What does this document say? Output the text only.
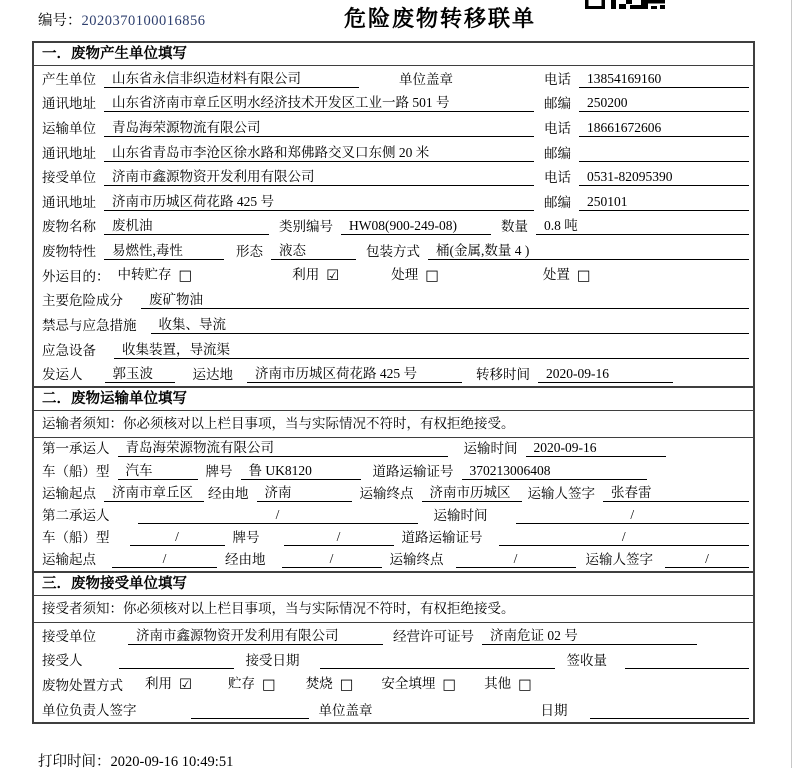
编号：2020370100016856	危险废物转移联单
一．废物产生单位填写
产生单位	山东省永信非织造材料有限公司	单位盖章	电话	13854169160
通讯地址	山东省济南市章丘区明水经济技术开发区工业一路 501 号	邮编	250200
运输单位	青岛海荣源物流有限公司	电话	18661672606
通讯地址	山东省青岛市李沧区徐水路和郑佛路交叉口东侧 20 米	邮编
接受单位	济南市鑫源物资开发利用有限公司	电话	0531-82095390
通讯地址	济南市历城区荷花路 425 号	邮编	250101
废物名称	废机油	类别编号	HW08(900-249-08)	数量	0.8 吨
废物特性	易燃性,毒性	形态	液态	包装方式	桶(金属,数量 4 )
外运目的： 中转贮存 □	利用 ☑	处理 □	处置 □
主要危险成分	废矿物油
禁忌与应急措施	收集、导流
应急设备	收集装置，导流渠
发运人	郭玉波	运达地	济南市历城区荷花路 425 号	转移时间	2020-09-16
二．废物运输单位填写
运输者须知：你必须核对以上栏目事项，当与实际情况不符时，有权拒绝接受。
第一承运人	青岛海荣源物流有限公司	运输时间	2020-09-16
车（船）型	汽车	牌号	鲁 UK8120	道路运输证号	370213006408
运输起点	济南市章丘区	经由地	济南	运输终点	济南市历城区	运输人签字	张春雷
第二承运人	/	运输时间	/
车（船）型	/	牌号	/	道路运输证号	/
运输起点	/	经由地	/	运输终点	/	运输人签字	/
三．废物接受单位填写
接受者须知：你必须核对以上栏目事项，当与实际情况不符时，有权拒绝接受。
接受单位	济南市鑫源物资开发利用有限公司	经营许可证号	济南危证 02 号
接受人	接受日期	签收量
废物处置方式 利用 ☑	贮存 □ 焚烧 □ 安全填埋 □ 其他 □
单位负责人签字	单位盖章	日期
打印时间：2020-09-16 10:49:51
